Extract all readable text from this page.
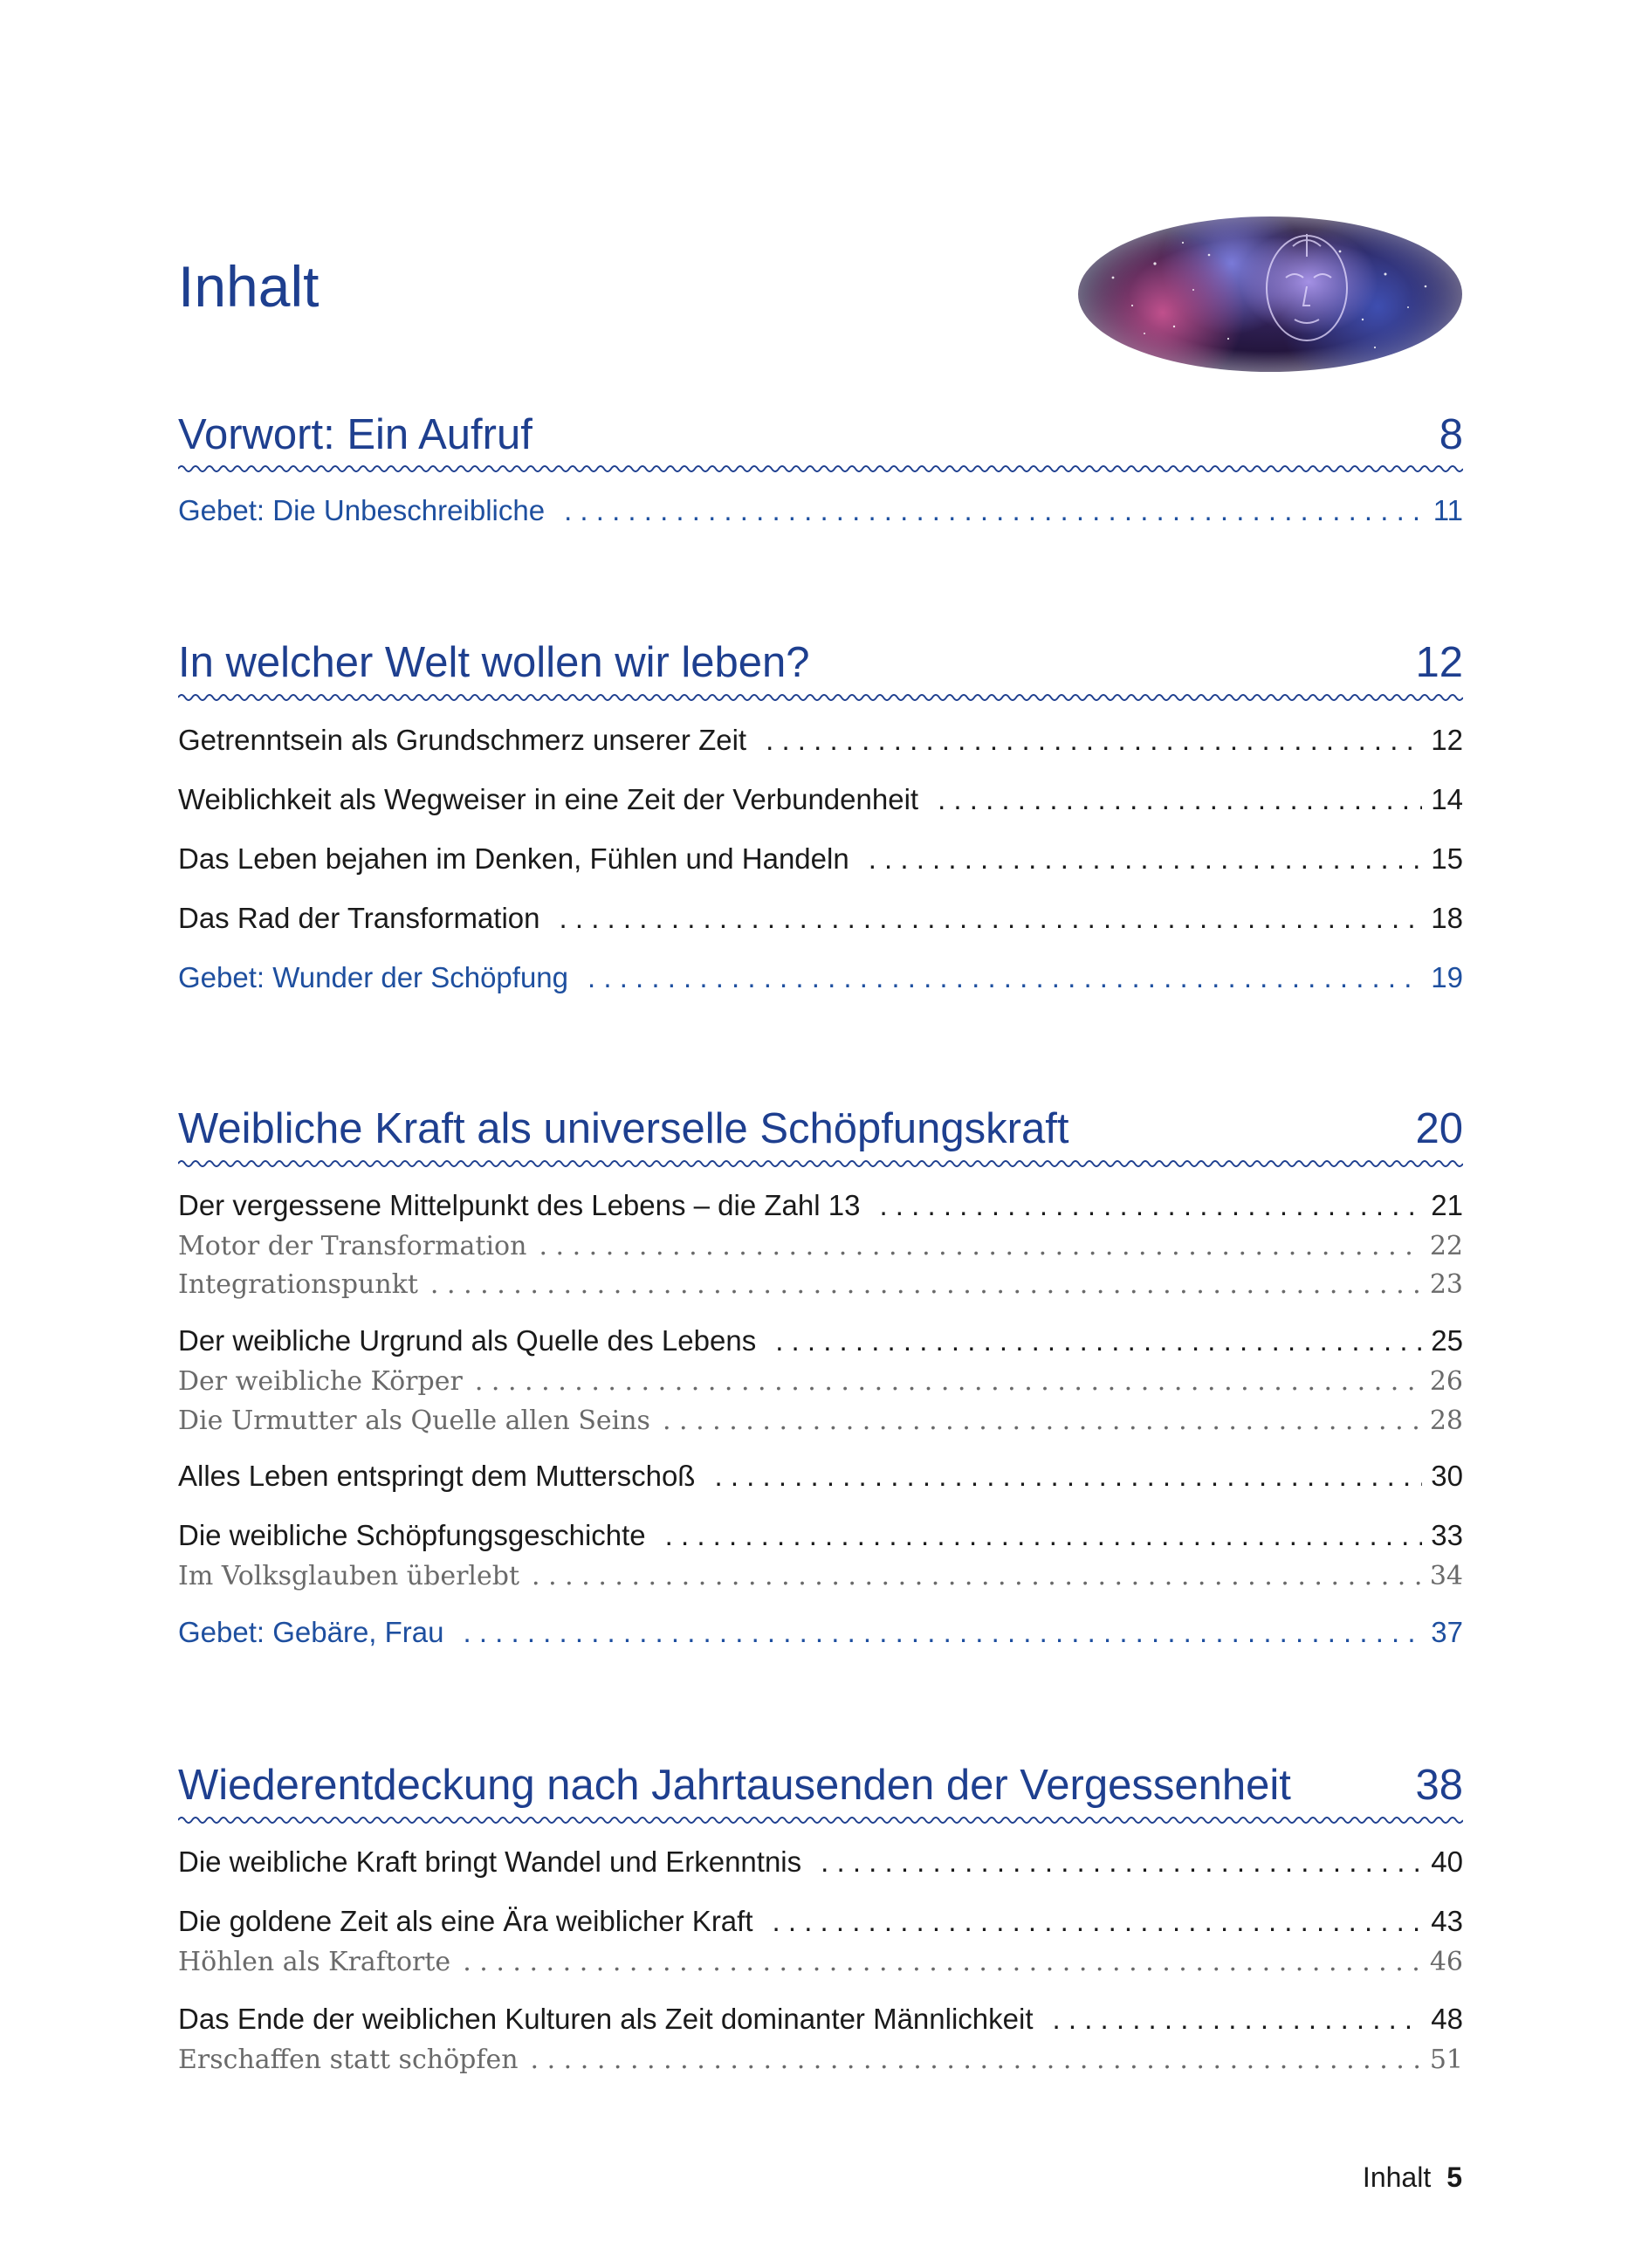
Inhalt
Vorwort: Ein Aufruf	8
Gebet: Die Unbeschreibliche . . .	11
In welcher Welt wollen wir leben?	12
Getrenntsein als Grundschmerz unserer Zeit . . .	12
Weiblichkeit als Wegweiser in eine Zeit der Verbundenheit . . .	14
Das Leben bejahen im Denken, Fühlen und Handeln . . .	15
Das Rad der Transformation . . .	18
Gebet: Wunder der Schöpfung . . .	19
Weibliche Kraft als universelle Schöpfungskraft	20
Der vergessene Mittelpunkt des Lebens – die Zahl 13 . . .	21
Motor der Transformation . . .	22
Integrationspunkt . . .	23
Der weibliche Urgrund als Quelle des Lebens . . .	25
Der weibliche Körper . . .	26
Die Urmutter als Quelle allen Seins . . .	28
Alles Leben entspringt dem Mutterschoß . . .	30
Die weibliche Schöpfungsgeschichte . . .	33
Im Volksglauben überlebt . . .	34
Gebet: Gebäre, Frau . . .	37
Wiederentdeckung nach Jahrtausenden der Vergessenheit	38
Die weibliche Kraft bringt Wandel und Erkenntnis . . .	40
Die goldene Zeit als eine Ära weiblicher Kraft . . .	43
Höhlen als Kraftorte . . .	46
Das Ende der weiblichen Kulturen als Zeit dominanter Männlichkeit . . .	48
Erschaffen statt schöpfen . . .	51
Inhalt 5
